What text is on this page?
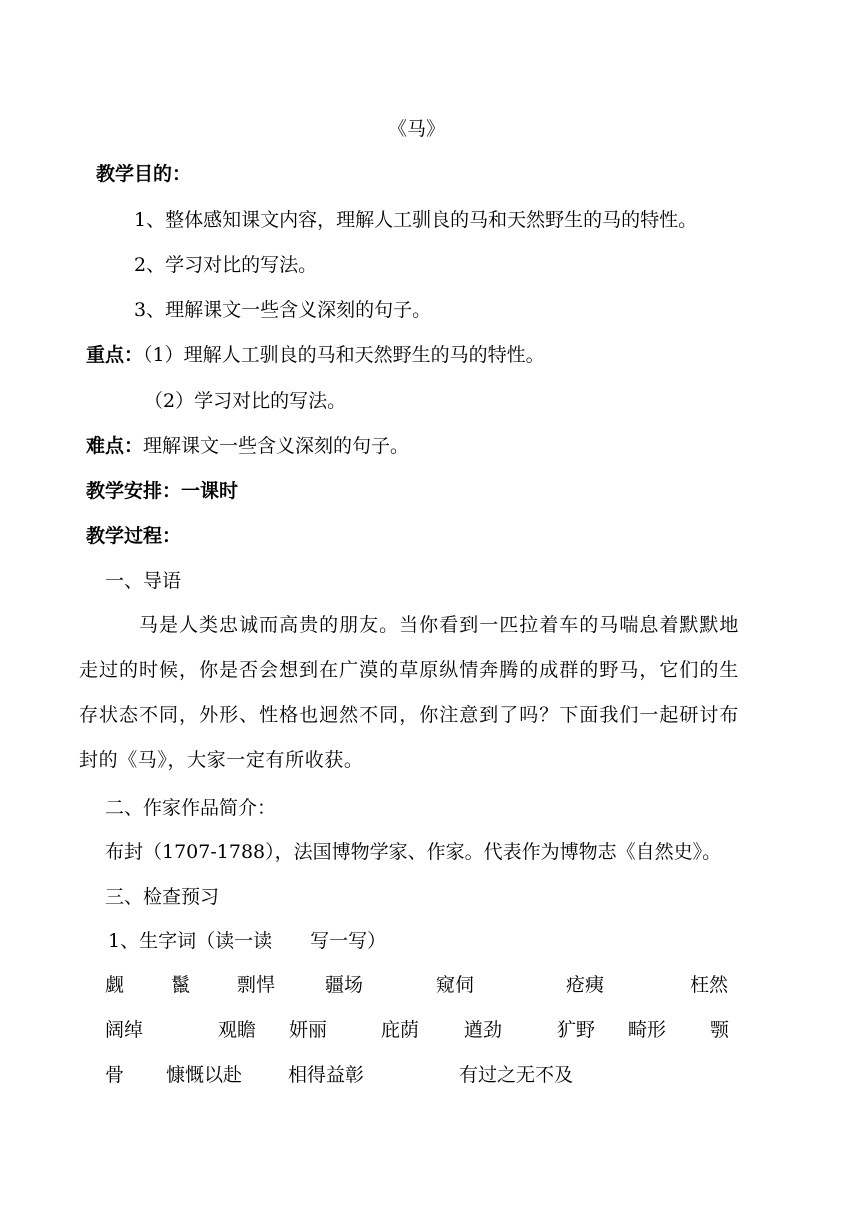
《马》
教学目的：
1、整体感知课文内容，理解人工驯良的马和天然野生的马的特性。
2、学习对比的写法。
3、理解课文一些含义深刻的句子。
重点：（1）理解人工驯良的马和天然野生的马的特性。
（2）学习对比的写法。
难点：理解课文一些含义深刻的句子。
教学安排：一课时
教学过程：
一、导语
马是人类忠诚而高贵的朋友。当你看到一匹拉着车的马喘息着默默地走过的时候，你是否会想到在广漠的草原纵情奔腾的成群的野马，它们的生存状态不同，外形、性格也迥然不同，你注意到了吗？下面我们一起研讨布封的《马》，大家一定有所收获。
二、作家作品简介：
布封（1707-1788），法国博物学家、作家。代表作为博物志《自然史》。
三、检查预习
1、生字词（读一读　　写一写）
觑 鬣 剽悍	疆场	窥伺	疮痍	枉然
阔绰	观瞻 妍丽	庇荫 遒劲	犷野 畸形 颚
骨 慷慨以赴 相得益彰	有过之无不及
